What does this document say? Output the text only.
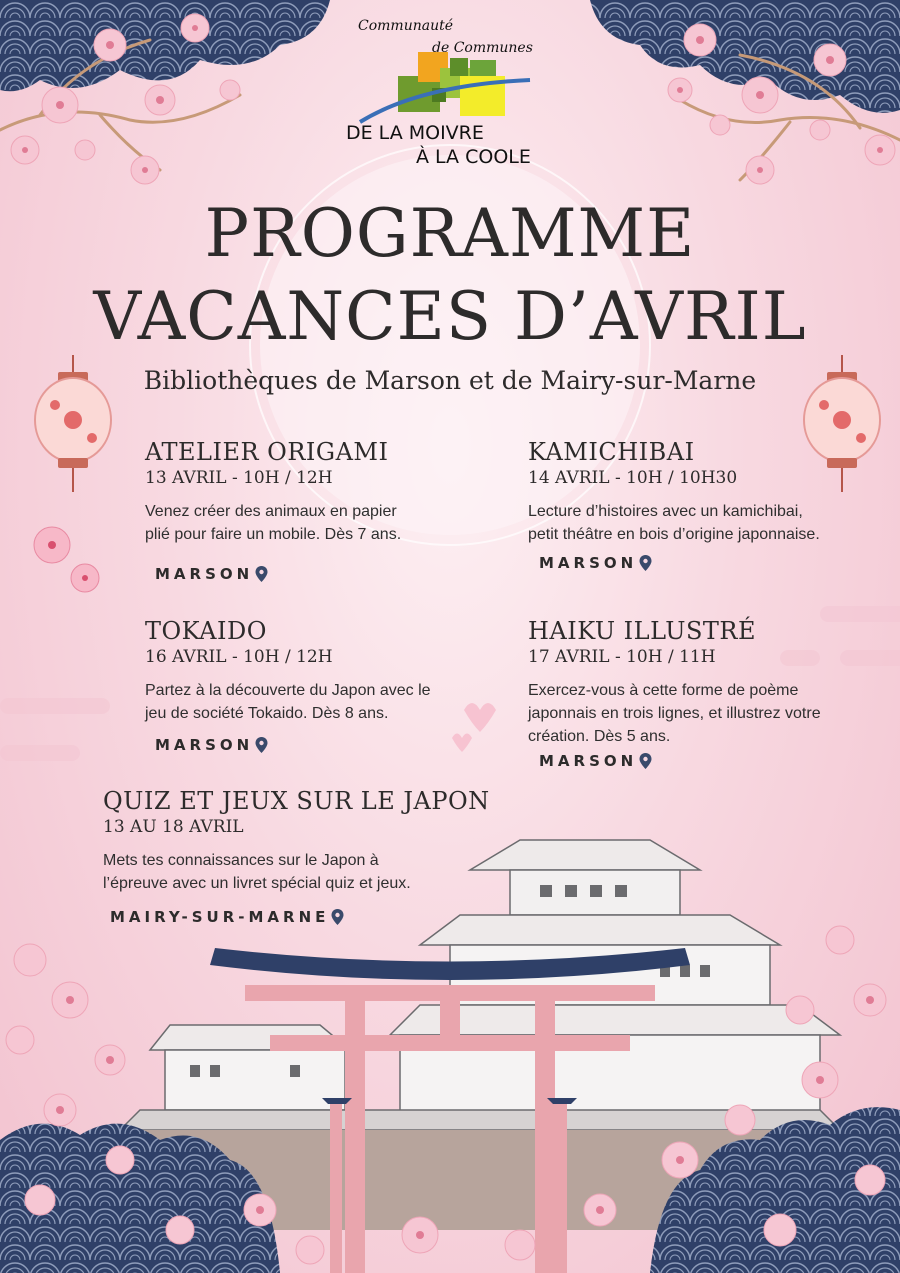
Communauté
de Communes
DE LA MOIVRE
À LA COOLE
PROGRAMME
VACANCES D’AVRIL
Bibliothèques de Marson et de Mairy-sur-Marne
ATELIER ORIGAMI
13 AVRIL - 10H / 12H
Venez créer des animaux en papier
plié pour faire un mobile. Dès 7 ans.
MARSON
KAMICHIBAI
14 AVRIL - 10H / 10H30
Lecture d’histoires avec un kamichibai,
petit théâtre en bois d’origine japonnaise.
MARSON
TOKAIDO
16 AVRIL - 10H / 12H
Partez à la découverte du Japon avec le
jeu de société Tokaido. Dès 8 ans.
MARSON
HAIKU ILLUSTRÉ
17 AVRIL - 10H / 11H
Exercez-vous à cette forme de poème
japonnais en trois lignes, et illustrez votre
création. Dès 5 ans.
MARSON
QUIZ ET JEUX SUR LE JAPON
13 AU 18 AVRIL
Mets tes connaissances sur le Japon à
l’épreuve avec un livret spécial quiz et jeux.
MAIRY-SUR-MARNE
